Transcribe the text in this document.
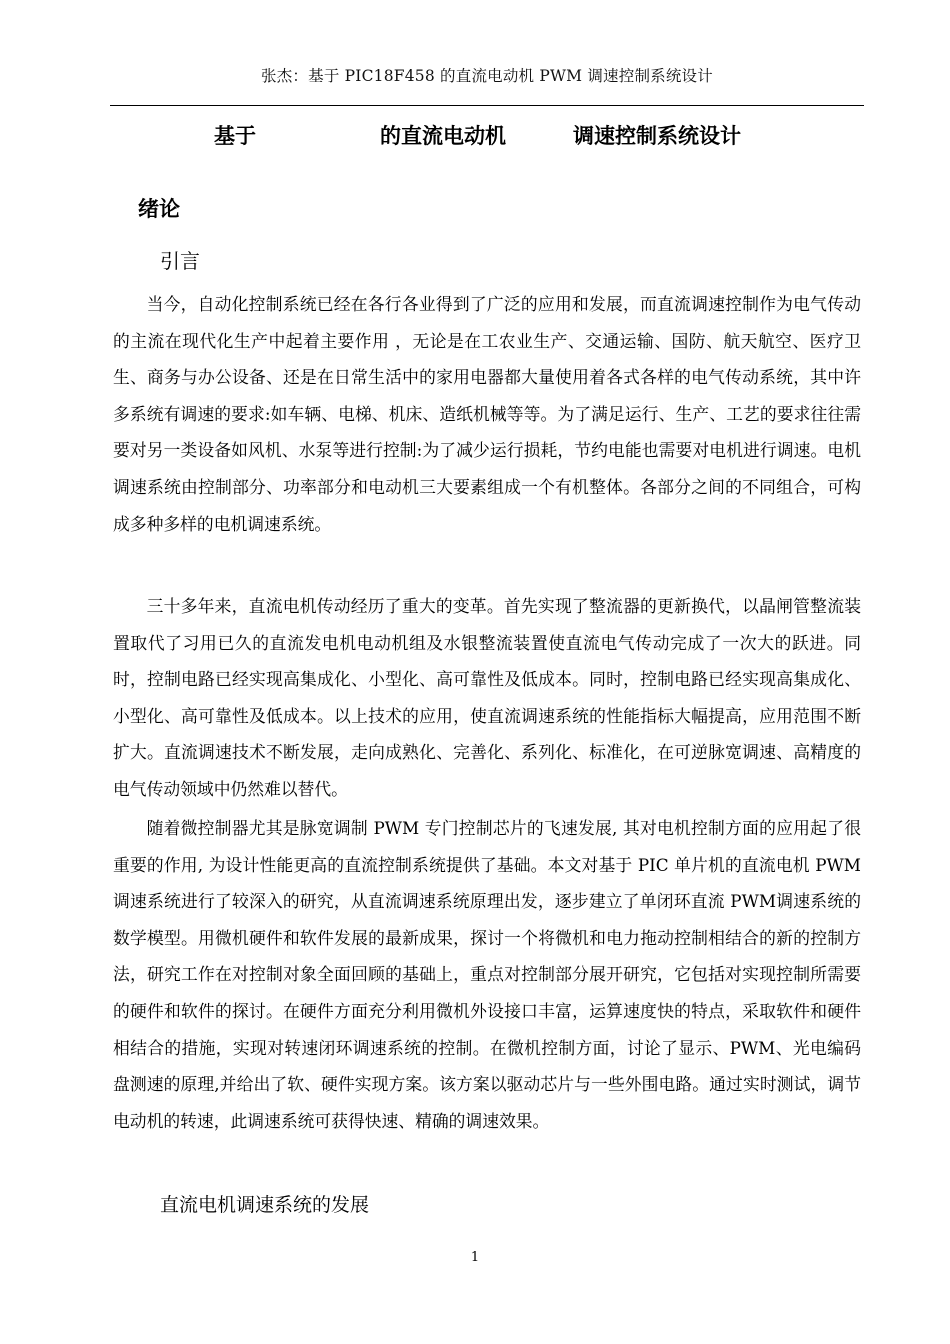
张杰：基于 PIC18F458 的直流电动机 PWM 调速控制系统设计
基于	的直流电动机	调速控制系统设计
绪论
引言

当今，自动化控制系统已经在各行各业得到了广泛的应用和发展，而直流调速控制作为电气传动的主流在现代化生产中起着主要作用 ，无论是在工农业生产、交通运输、国防、航天航空、医疗卫生、商务与办公设备、还是在日常生活中的家用电器都大量使用着各式各样的电气传动系统，其中许多系统有调速的要求:如车辆、电梯、机床、造纸机械等等。为了满足运行、生产、工艺的要求往往需要对另一类设备如风机、水泵等进行控制:为了减少运行损耗，节约电能也需要对电机进行调速。电机调速系统由控制部分、功率部分和电动机三大要素组成一个有机整体。各部分之间的不同组合，可构成多种多样的电机调速系统。

三十多年来，直流电机传动经历了重大的变革。首先实现了整流器的更新换代，以晶闸管整流装置取代了习用已久的直流发电机电动机组及水银整流装置使直流电气传动完成了一次大的跃进。同时，控制电路已经实现高集成化、小型化、高可靠性及低成本。同时，控制电路已经实现高集成化、小型化、高可靠性及低成本。以上技术的应用，使直流调速系统的性能指标大幅提高，应用范围不断扩大。直流调速技术不断发展，走向成熟化、完善化、系列化、标准化，在可逆脉宽调速、高精度的电气传动领域中仍然难以替代。

随着微控制器尤其是脉宽调制 PWM 专门控制芯片的飞速发展, 其对电机控制方面的应用起了很重要的作用, 为设计性能更高的直流控制系统提供了基础。本文对基于 PIC 单片机的直流电机 PWM 调速系统进行了较深入的研究，从直流调速系统原理出发，逐步建立了单闭环直流 PWM调速系统的数学模型。用微机硬件和软件发展的最新成果，探讨一个将微机和电力拖动控制相结合的新的控制方法，研究工作在对控制对象全面回顾的基础上，重点对控制部分展开研究，它包括对实现控制所需要的硬件和软件的探讨。在硬件方面充分利用微机外设接口丰富，运算速度快的特点，采取软件和硬件相结合的措施，实现对转速闭环调速系统的控制。在微机控制方面，讨论了显示、PWM、光电编码盘测速的原理,并给出了软、硬件实现方案。该方案以驱动芯片与一些外围电路。通过实时测试，调节电动机的转速，此调速系统可获得快速、精确的调速效果。

直流电机调速系统的发展
1
